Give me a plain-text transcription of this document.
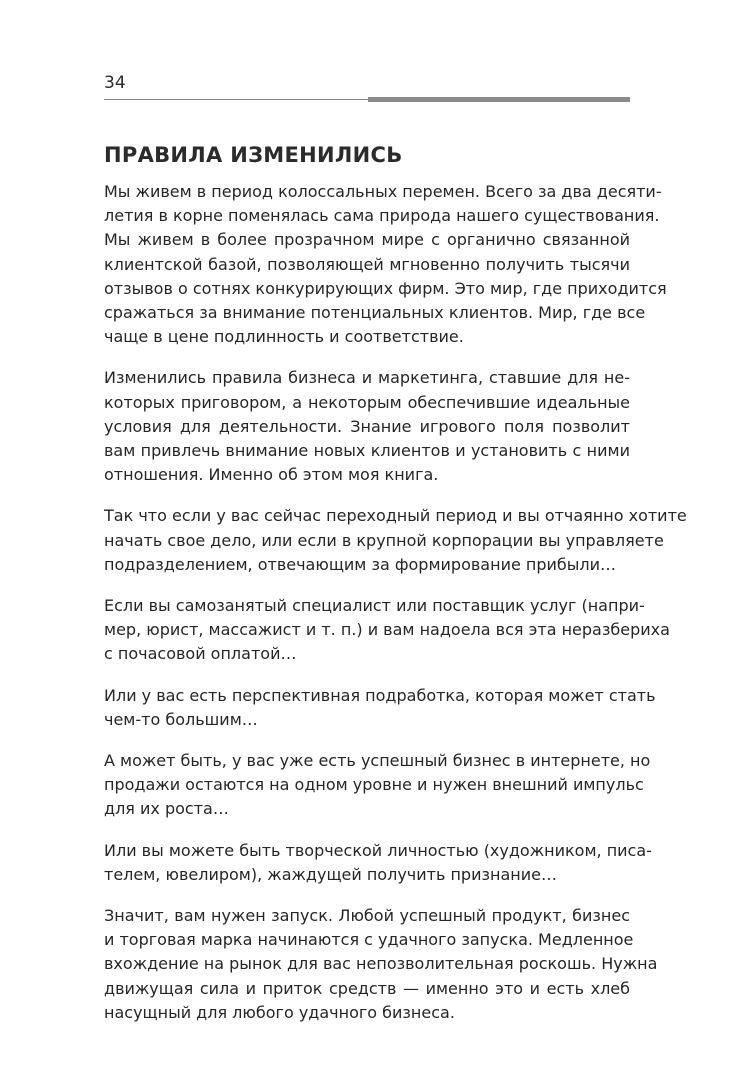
34
ПРАВИЛА ИЗМЕНИЛИСЬ

Мы живем в период колоссальных перемен. Всего за два десяти-
летия в корне поменялась сама природа нашего существования.
Мы живем в более прозрачном мире с органично связанной
клиентской базой, позволяющей мгновенно получить тысячи
отзывов о сотнях конкурирующих фирм. Это мир, где приходится
сражаться за внимание потенциальных клиентов. Мир, где все
чаще в цене подлинность и соответствие.

Изменились правила бизнеса и маркетинга, ставшие для не-
которых приговором, а некоторым обеспечившие идеальные
условия для деятельности. Знание игрового поля позволит
вам привлечь внимание новых клиентов и установить с ними
отношения. Именно об этом моя книга.

Так что если у вас сейчас переходный период и вы отчаянно хотите
начать свое дело, или если в крупной корпорации вы управляете
подразделением, отвечающим за формирование прибыли…

Если вы самозанятый специалист или поставщик услуг (напри-
мер, юрист, массажист и т. п.) и вам надоела вся эта неразбериха
с почасовой оплатой…

Или у вас есть перспективная подработка, которая может стать
чем-то большим…

А может быть, у вас уже есть успешный бизнес в интернете, но
продажи остаются на одном уровне и нужен внешний импульс
для их роста…

Или вы можете быть творческой личностью (художником, писа-
телем, ювелиром), жаждущей получить признание…

Значит, вам нужен запуск. Любой успешный продукт, бизнес
и торговая марка начинаются с удачного запуска. Медленное
вхождение на рынок для вас непозволительная роскошь. Нужна
движущая сила и приток средств — именно это и есть хлеб
насущный для любого удачного бизнеса.
